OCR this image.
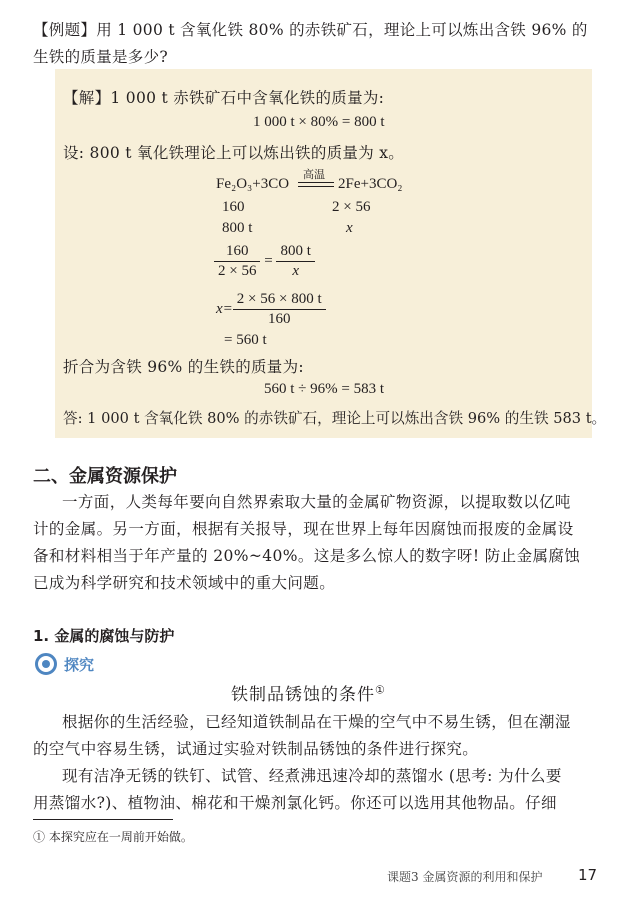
【例题】用 1 000 t 含氧化铁 80% 的赤铁矿石，理论上可以炼出含铁 96% 的
生铁的质量是多少?
【解】1 000 t 赤铁矿石中含氧化铁的质量为:
1 000 t × 80% = 800 t
设: 800 t 氧化铁理论上可以炼出铁的质量为 x。
Fe₂O₃+3CO
高温
2Fe+3CO₂
160	2 × 56
800 t	x
$\frac{160}{2 \times 56} = \frac{800 t}{x}$
$x= \frac{2 \times 56 \times 800 t}{160}$
= 560 t
折合为含铁 96% 的生铁的质量为:
560 t ÷ 96% = 583 t
答: 1 000 t 含氧化铁 80% 的赤铁矿石，理论上可以炼出含铁 96% 的生铁 583 t。
二、金属资源保护
一方面，人类每年要向自然界索取大量的金属矿物资源，以提取数以亿吨
计的金属。另一方面，根据有关报导，现在世界上每年因腐蚀而报废的金属设
备和材料相当于年产量的 20%~40%。这是多么惊人的数字呀! 防止金属腐蚀
已成为科学研究和技术领域中的重大问题。
1. 金属的腐蚀与防护
探究
铁制品锈蚀的条件①
根据你的生活经验，已经知道铁制品在干燥的空气中不易生锈，但在潮湿
的空气中容易生锈，试通过实验对铁制品锈蚀的条件进行探究。
现有洁净无锈的铁钉、试管、经煮沸迅速冷却的蒸馏水 (思考: 为什么要
用蒸馏水?)、植物油、棉花和干燥剂氯化钙。你还可以选用其他物品。仔细
① 本探究应在一周前开始做。
课题3 金属资源的利用和保护 17
